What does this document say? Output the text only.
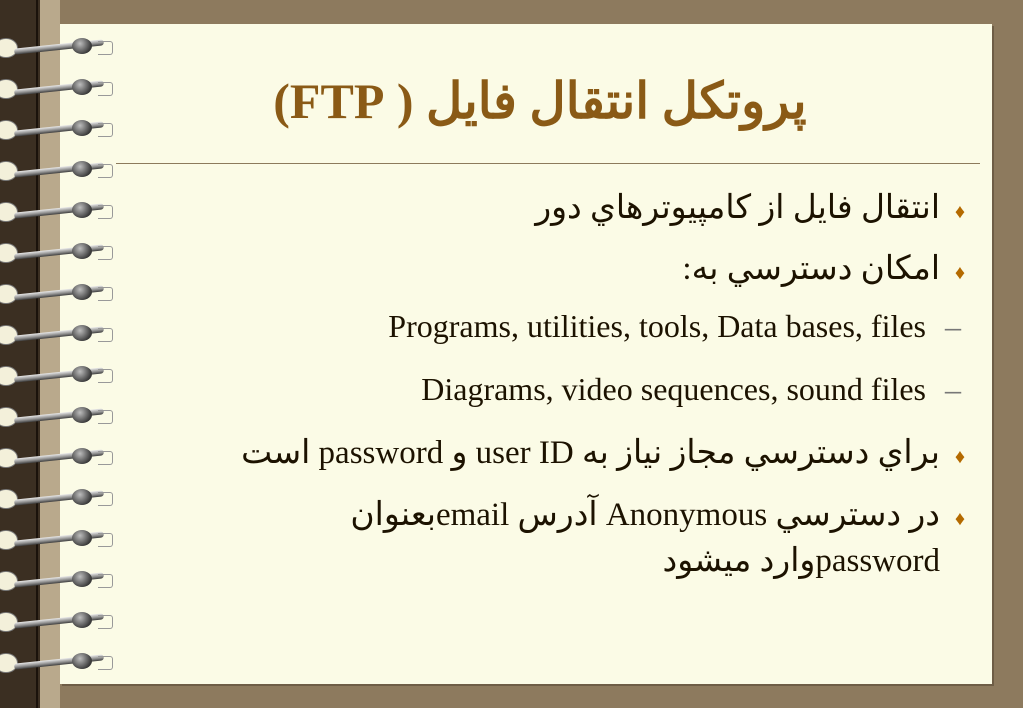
پروتکل انتقال فایل ( FTP)
♦انتقال فايل از کامپيوترهاي دور
♦امکان دسترسي به:
–Programs, utilities, tools, Data bases, files
–Diagrams, video sequences, sound files
♦براي دسترسي مجاز نياز به user ID و password است
♦در دسترسي Anonymous آدرس emailبعنوان
passwordوارد ميشود
